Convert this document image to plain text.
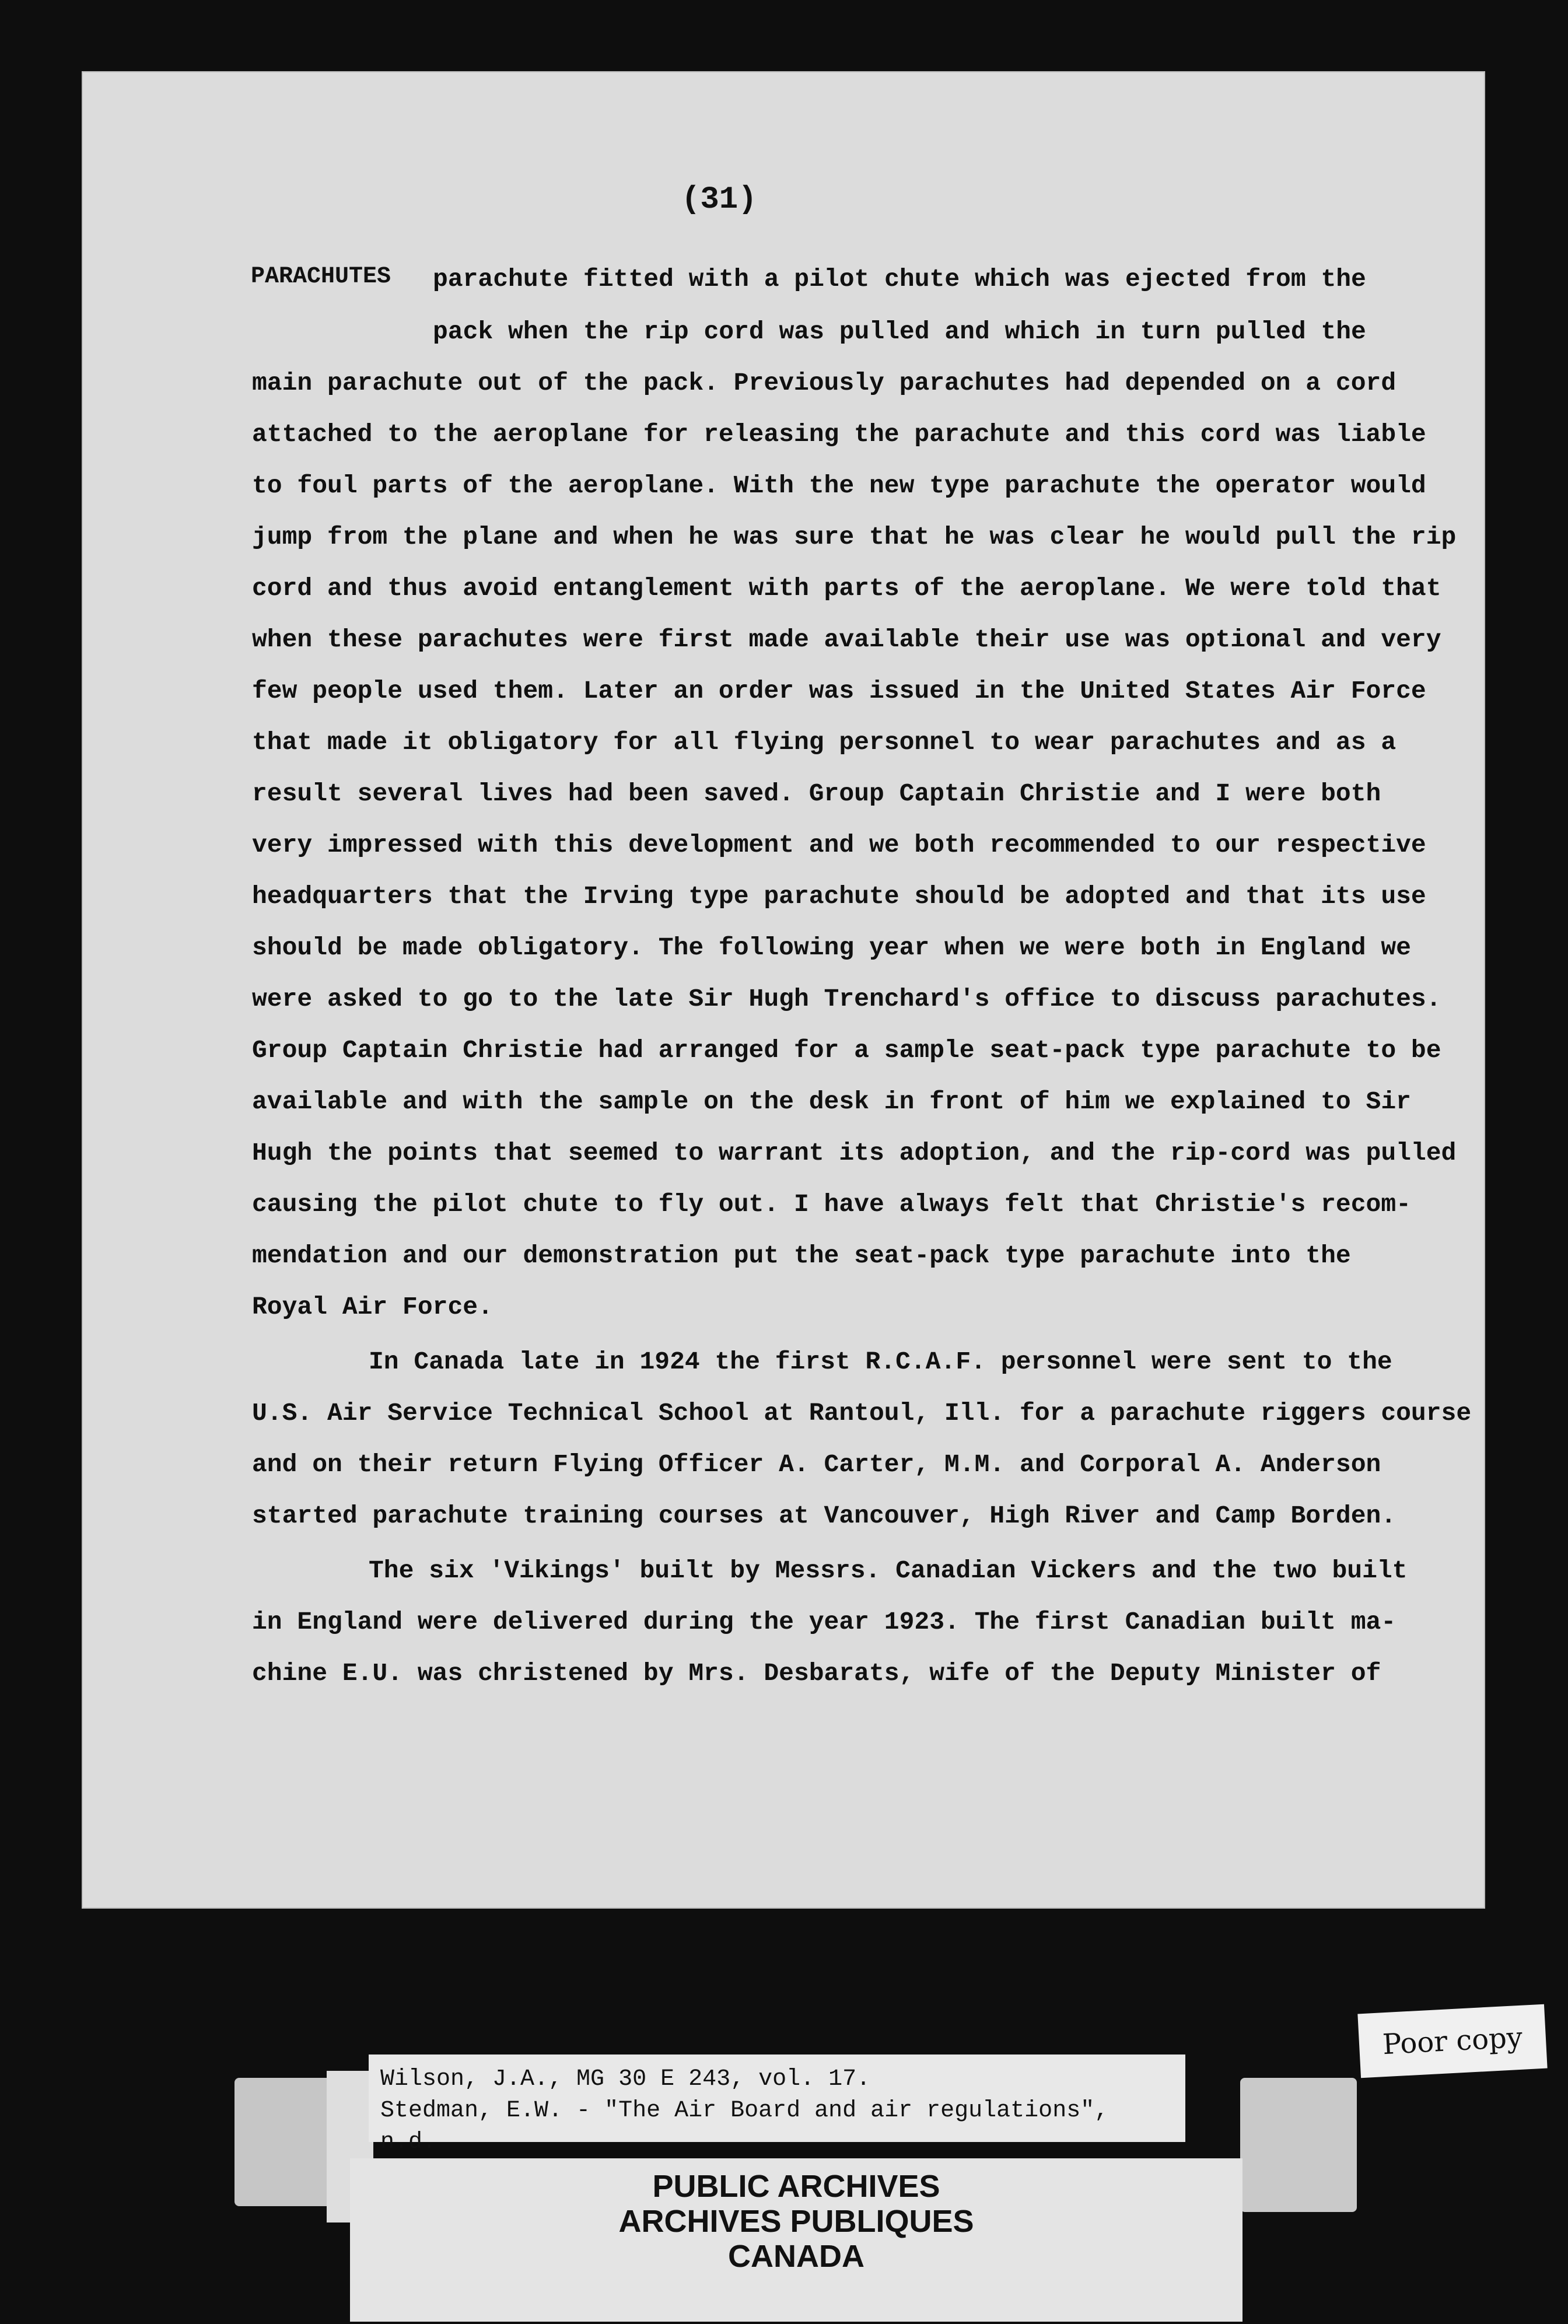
(31)
PARACHUTES parachute fitted with a pilot chute which was ejected from the
pack when the rip cord was pulled and which in turn pulled the
main parachute out of the pack. Previously parachutes had depended on a cord
attached to the aeroplane for releasing the parachute and this cord was liable
to foul parts of the aeroplane. With the new type parachute the operator would
jump from the plane and when he was sure that he was clear he would pull the rip
cord and thus avoid entanglement with parts of the aeroplane. We were told that
when these parachutes were first made available their use was optional and very
few people used them. Later an order was issued in the United States Air Force
that made it obligatory for all flying personnel to wear parachutes and as a
result several lives had been saved. Group Captain Christie and I were both
very impressed with this development and we both recommended to our respective
headquarters that the Irving type parachute should be adopted and that its use
should be made obligatory. The following year when we were both in England we
were asked to go to the late Sir Hugh Trenchard's office to discuss parachutes.
Group Captain Christie had arranged for a sample seat-pack type parachute to be
available and with the sample on the desk in front of him we explained to Sir
Hugh the points that seemed to warrant its adoption, and the rip-cord was pulled
causing the pilot chute to fly out. I have always felt that Christie's recom-
mendation and our demonstration put the seat-pack type parachute into the
Royal Air Force.
In Canada late in 1924 the first R.C.A.F. personnel were sent to the
U.S. Air Service Technical School at Rantoul, Ill. for a parachute riggers course
and on their return Flying Officer A. Carter, M.M. and Corporal A. Anderson
started parachute training courses at Vancouver, High River and Camp Borden.
The six 'Vikings' built by Messrs. Canadian Vickers and the two built
in England were delivered during the year 1923. The first Canadian built ma-
chine E.U. was christened by Mrs. Desbarats, wife of the Deputy Minister of
Poor copy
Wilson, J.A., MG 30 E 243, vol. 17.
Stedman, E.W. - "The Air Board and air regulations", n.d.
PUBLIC ARCHIVES
ARCHIVES PUBLIQUES
CANADA
